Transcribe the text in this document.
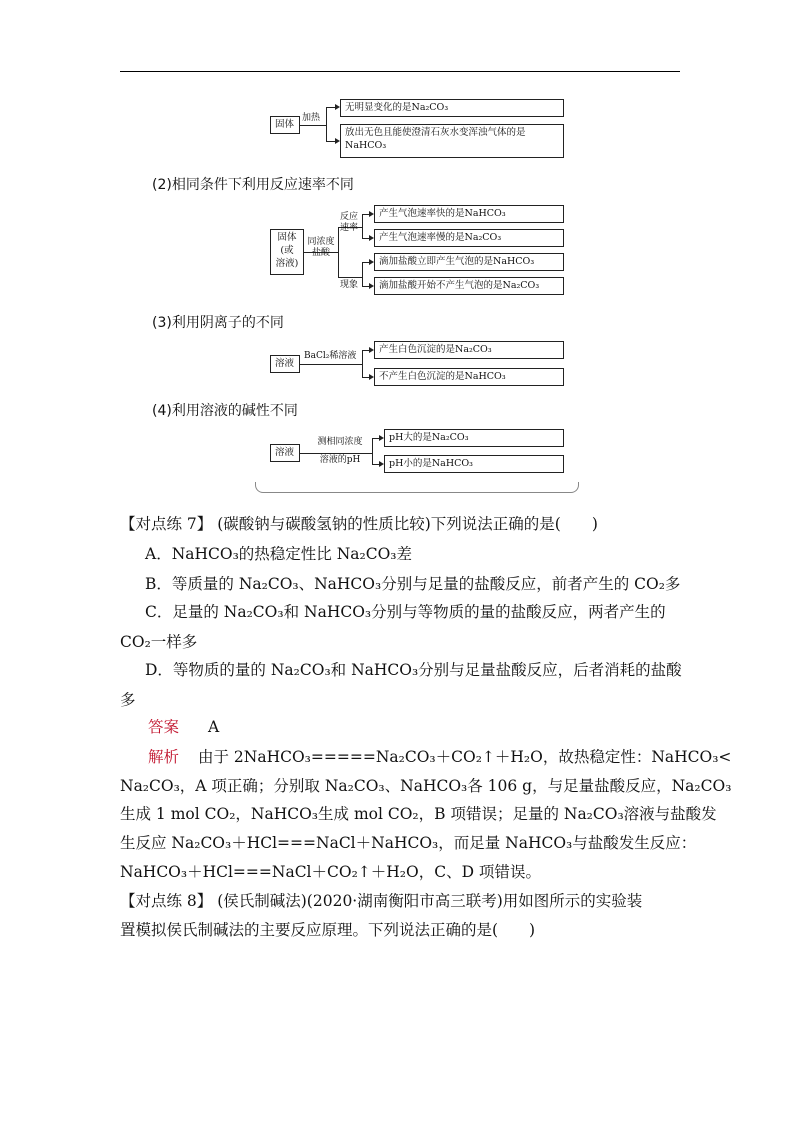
固体
加热
无明显变化的是Na₂CO₃
放出无色且能使澄清石灰水变浑浊气体的是
NaHCO₃
(2)相同条件下利用反应速率不同
固体
(或
溶液)
同浓度
盐酸
反应
速率
现象
产生气泡速率快的是NaHCO₃
产生气泡速率慢的是Na₂CO₃
滴加盐酸立即产生气泡的是NaHCO₃
滴加盐酸开始不产生气泡的是Na₂CO₃
(3)利用阴离子的不同
溶液
BaCl₂稀溶液
产生白色沉淀的是Na₂CO₃
不产生白色沉淀的是NaHCO₃
(4)利用溶液的碱性不同
溶液
测相同浓度
溶液的pH
pH大的是Na₂CO₃
pH小的是NaHCO₃
【对点练 7】 (碳酸钠与碳酸氢钠的性质比较)下列说法正确的是(　　)
A．NaHCO₃的热稳定性比 Na₂CO₃差
B．等质量的 Na₂CO₃、NaHCO₃分别与足量的盐酸反应，前者产生的 CO₂多
C．足量的 Na₂CO₃和 NaHCO₃分别与等物质的量的盐酸反应，两者产生的
CO₂一样多
D．等物质的量的 Na₂CO₃和 NaHCO₃分别与足量盐酸反应，后者消耗的盐酸
多
答案 A
解析 由于 2NaHCO₃=====Na₂CO₃＋CO₂↑＋H₂O，故热稳定性：NaHCO₃<
Na₂CO₃，A 项正确；分别取 Na₂CO₃、NaHCO₃各 106 g，与足量盐酸反应，Na₂CO₃
生成 1 mol CO₂，NaHCO₃生成 mol CO₂，B 项错误；足量的 Na₂CO₃溶液与盐酸发
生反应 Na₂CO₃＋HCl===NaCl＋NaHCO₃，而足量 NaHCO₃与盐酸发生反应：
NaHCO₃＋HCl===NaCl＋CO₂↑＋H₂O，C、D 项错误。
【对点练 8】 (侯氏制碱法)(2020·湖南衡阳市高三联考)用如图所示的实验装
置模拟侯氏制碱法的主要反应原理。下列说法正确的是(　　)
